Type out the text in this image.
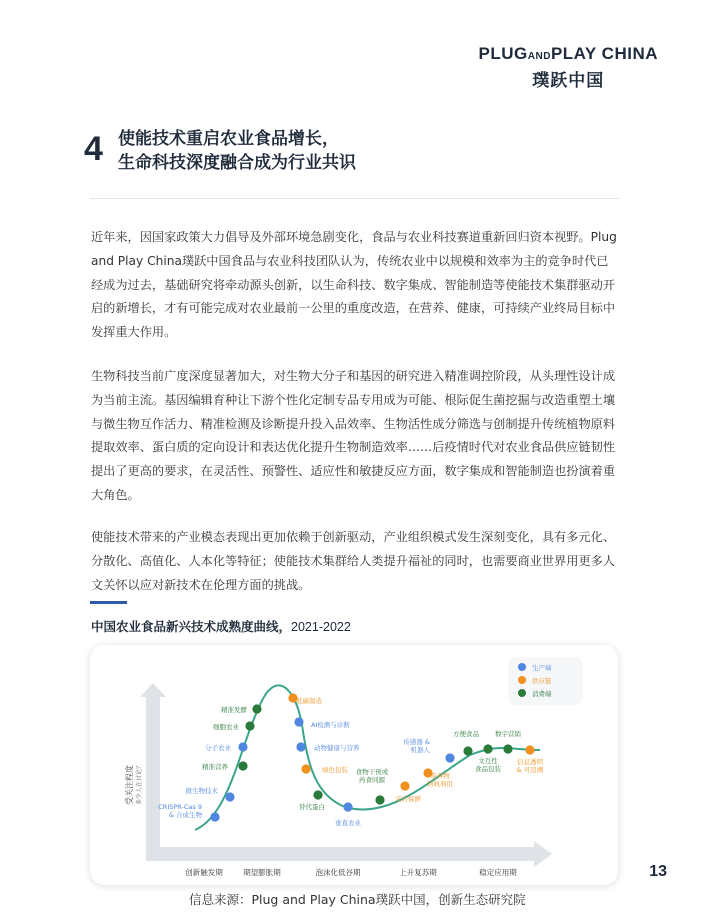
PLUGANDPLAY CHINA
璞跃中国
4 使能技术重启农业食品增长，
生命科技深度融合成为行业共识
近年来，因国家政策大力倡导及外部环境急剧变化，食品与农业科技赛道重新回归资本视野。Plug and Play China璞跃中国食品与农业科技团队认为，传统农业中以规模和效率为主的竞争时代已经成为过去，基础研究将牵动源头创新，以生命科技、数字集成、智能制造等使能技术集群驱动开启的新增长，才有可能完成对农业最前一公里的重度改造，在营养、健康，可持续产业终局目标中发挥重大作用。
生物科技当前广度深度显著加大，对生物大分子和基因的研究进入精准调控阶段，从头理性设计成为当前主流。基因编辑育种让下游个性化定制专品专用成为可能、根际促生菌挖掘与改造重塑土壤与微生物互作活力、精准检测及诊断提升投入品效率、生物活性成分筛选与创制提升传统植物原料提取效率、蛋白质的定向设计和表达优化提升生物制造效率……后疫情时代对农业食品供应链韧性提出了更高的要求，在灵活性、预警性、适应性和敏捷反应方面，数字集成和智能制造也扮演着重大角色。
使能技术带来的产业模态表现出更加依赖于创新驱动，产业组织模式发生深刻变化，具有多元化、分散化、高值化、人本化等特征；使能技术集群给人类提升福祉的同时，也需要商业世界用更多人文关怀以应对新技术在伦理方面的挑战。
中国农业食品新兴技术成熟度曲线，2021-2022
受关注程度 多少人在讨论？
创新触发期	期望膨胀期	泡沫化低谷期	上升复苏期	稳定应用期
CRISPR-Cas 9
& 合成生物
微生物技术
精准营养
分子农业
细胞农业
精准发酵
低碳制造
AI检测与诊断
动物健康与营养
绿色包装
替代蛋白
垂直农业
食物干预或
药食同源
采后保鲜
废弃物
回收利用
传感器 &
机器人
方便食品
文互性
食品包装
数字营销
信息透明
& 可追溯
生产端
供应链
消费端
信息来源：Plug and Play China璞跃中国，创新生态研究院
13
